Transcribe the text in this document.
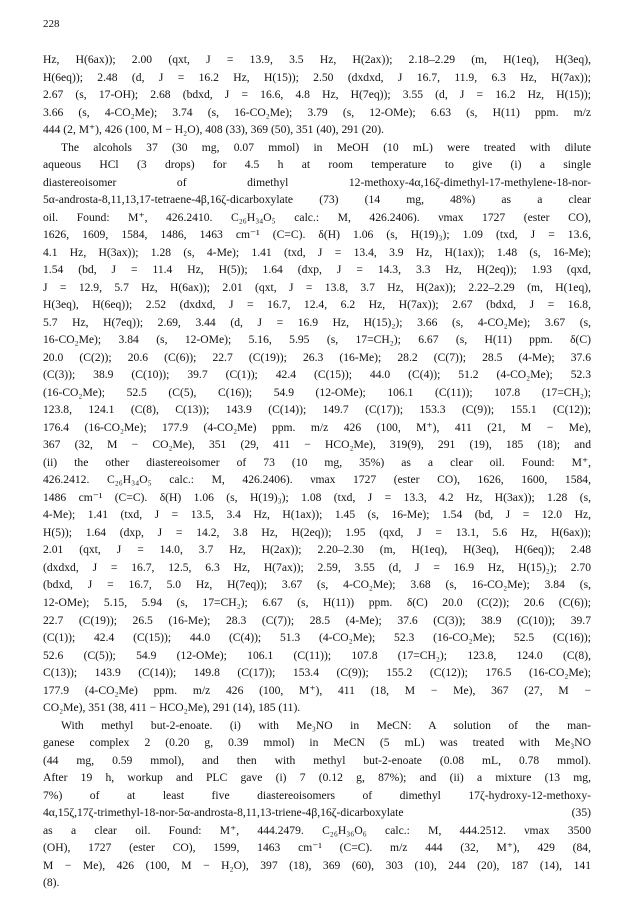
228
Hz, H(6ax)); 2.00 (qxt, J = 13.9, 3.5 Hz, H(2ax)); 2.18–2.29 (m, H(1eq), H(3eq),
H(6eq)); 2.48 (d, J = 16.2 Hz, H(15)); 2.50 (dxdxd, J 16.7, 11.9, 6.3 Hz, H(7ax));
2.67 (s, 17-OH); 2.68 (bdxd, J = 16.6, 4.8 Hz, H(7eq)); 3.55 (d, J = 16.2 Hz, H(15));
3.66 (s, 4-CO₂Me); 3.74 (s, 16-CO₂Me); 3.79 (s, 12-OMe); 6.63 (s, H(11) ppm. m/z
444 (2, M⁺), 426 (100, M − H₂O), 408 (33), 369 (50), 351 (40), 291 (20).
The alcohols 37 (30 mg, 0.07 mmol) in MeOH (10 mL) were treated with dilute
aqueous HCl (3 drops) for 4.5 h at room temperature to give (i) a single
diastereoisomer of dimethyl 12-methoxy-4α,16ζ-dimethyl-17-methylene-18-nor-
5α-androsta-8,11,13,17-tetraene-4β,16ζ-dicarboxylate (73) (14 mg, 48%) as a clear
oil. Found: M⁺, 426.2410. C₂₆H₃₄O₅ calc.: M, 426.2406). νmax 1727 (ester CO),
1626, 1609, 1584, 1486, 1463 cm⁻¹ (C=C). δ(H) 1.06 (s, H(19)₃); 1.09 (txd, J = 13.6,
4.1 Hz, H(3ax)); 1.28 (s, 4-Me); 1.41 (txd, J = 13.4, 3.9 Hz, H(1ax)); 1.48 (s, 16-Me);
1.54 (bd, J = 11.4 Hz, H(5)); 1.64 (dxp, J = 14.3, 3.3 Hz, H(2eq)); 1.93 (qxd,
J = 12.9, 5.7 Hz, H(6ax)); 2.01 (qxt, J = 13.8, 3.7 Hz, H(2ax)); 2.22–2.29 (m, H(1eq),
H(3eq), H(6eq)); 2.52 (dxdxd, J = 16.7, 12.4, 6.2 Hz, H(7ax)); 2.67 (bdxd, J = 16.8,
5.7 Hz, H(7eq)); 2.69, 3.44 (d, J = 16.9 Hz, H(15)₂); 3.66 (s, 4-CO₂Me); 3.67 (s,
16-CO₂Me); 3.84 (s, 12-OMe); 5.16, 5.95 (s, 17=CH₂); 6.67 (s, H(11) ppm. δ(C)
20.0 (C(2)); 20.6 (C(6)); 22.7 (C(19)); 26.3 (16-Me); 28.2 (C(7)); 28.5 (4-Me); 37.6
(C(3)); 38.9 (C(10)); 39.7 (C(1)); 42.4 (C(15)); 44.0 (C(4)); 51.2 (4-CO₂Me); 52.3
(16-CO₂Me); 52.5 (C(5), C(16)); 54.9 (12-OMe); 106.1 (C(11)); 107.8 (17=CH₂);
123.8, 124.1 (C(8), C(13)); 143.9 (C(14)); 149.7 (C(17)); 153.3 (C(9)); 155.1 (C(12));
176.4 (16-CO₂Me); 177.9 (4-CO₂Me) ppm. m/z 426 (100, M⁺), 411 (21, M − Me),
367 (32, M − CO₂Me), 351 (29, 411 − HCO₂Me), 319(9), 291 (19), 185 (18); and
(ii) the other diastereoisomer of 73 (10 mg, 35%) as a clear oil. Found: M⁺,
426.2412. C₂₆H₃₄O₅ calc.: M, 426.2406). νmax 1727 (ester CO), 1626, 1600, 1584,
1486 cm⁻¹ (C=C). δ(H) 1.06 (s, H(19)₃); 1.08 (txd, J = 13.3, 4.2 Hz, H(3ax)); 1.28 (s,
4-Me); 1.41 (txd, J = 13.5, 3.4 Hz, H(1ax)); 1.45 (s, 16-Me); 1.54 (bd, J = 12.0 Hz,
H(5)); 1.64 (dxp, J = 14.2, 3.8 Hz, H(2eq)); 1.95 (qxd, J = 13.1, 5.6 Hz, H(6ax));
2.01 (qxt, J = 14.0, 3.7 Hz, H(2ax)); 2.20–2.30 (m, H(1eq), H(3eq), H(6eq)); 2.48
(dxdxd, J = 16.7, 12.5, 6.3 Hz, H(7ax)); 2.59, 3.55 (d, J = 16.9 Hz, H(15)₂); 2.70
(bdxd, J = 16.7, 5.0 Hz, H(7eq)); 3.67 (s, 4-CO₂Me); 3.68 (s, 16-CO₂Me); 3.84 (s,
12-OMe); 5.15, 5.94 (s, 17=CH₂); 6.67 (s, H(11)) ppm. δ(C) 20.0 (C(2)); 20.6 (C(6));
22.7 (C(19)); 26.5 (16-Me); 28.3 (C(7)); 28.5 (4-Me); 37.6 (C(3)); 38.9 (C(10)); 39.7
(C(1)); 42.4 (C(15)); 44.0 (C(4)); 51.3 (4-CO₂Me); 52.3 (16-CO₂Me); 52.5 (C(16));
52.6 (C(5)); 54.9 (12-OMe); 106.1 (C(11)); 107.8 (17=CH₂); 123.8, 124.0 (C(8),
C(13)); 143.9 (C(14)); 149.8 (C(17)); 153.4 (C(9)); 155.2 (C(12)); 176.5 (16-CO₂Me);
177.9 (4-CO₂Me) ppm. m/z 426 (100, M⁺), 411 (18, M − Me), 367 (27, M −
CO₂Me), 351 (38, 411 − HCO₂Me), 291 (14), 185 (11).
With methyl but-2-enoate. (i) with Me₃NO in MeCN: A solution of the man-
ganese complex 2 (0.20 g, 0.39 mmol) in MeCN (5 mL) was treated with Me₃NO
(44 mg, 0.59 mmol), and then with methyl but-2-enoate (0.08 mL, 0.78 mmol).
After 19 h, workup and PLC gave (i) 7 (0.12 g, 87%); and (ii) a mixture (13 mg,
7%) of at least five diastereoisomers of dimethyl 17ζ-hydroxy-12-methoxy-
4α,15ζ,17ζ-trimethyl-18-nor-5α-androsta-8,11,13-triene-4β,16ζ-dicarboxylate (35)
as a clear oil. Found: M⁺, 444.2479. C₂₆H₃₆O₆ calc.: M, 444.2512. νmax 3500
(OH), 1727 (ester CO), 1599, 1463 cm⁻¹ (C=C). m/z 444 (32, M⁺), 429 (84,
M − Me), 426 (100, M − H₂O), 397 (18), 369 (60), 303 (10), 244 (20), 187 (14), 141
(8).
